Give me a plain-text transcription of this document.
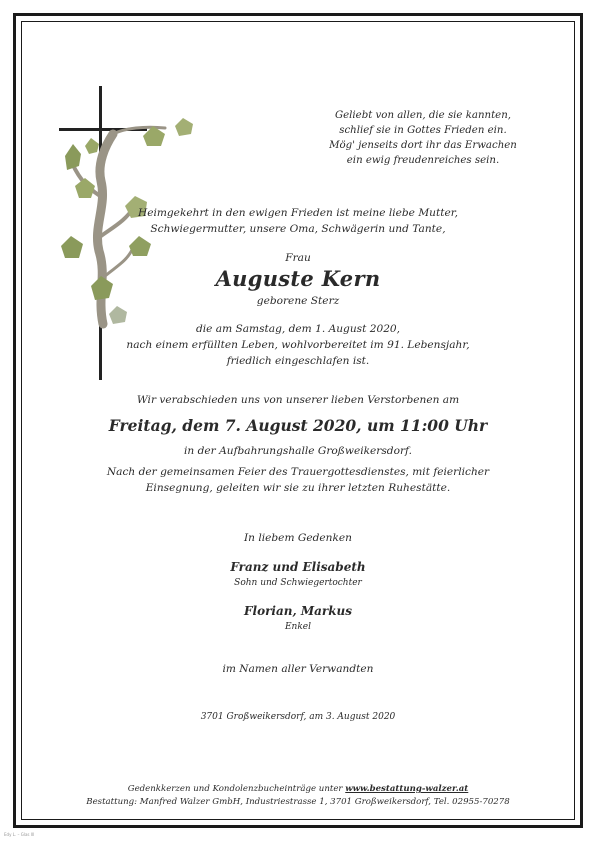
Geliebt von allen, die sie kannten,
schlief sie in Gottes Frieden ein.
Mög' jenseits dort ihr das Erwachen
ein ewig freudenreiches sein.
Heimgekehrt in den ewigen Frieden ist meine liebe Mutter,
Schwiegermutter, unsere Oma, Schwägerin und Tante,
Frau
Auguste Kern
geborene Sterz
die am Samstag, dem 1. August 2020,
nach einem erfüllten Leben, wohlvorbereitet im 91. Lebensjahr,
friedlich eingeschlafen ist.
Wir verabschieden uns von unserer lieben Verstorbenen am
Freitag, dem 7. August 2020, um 11:00 Uhr
in der Aufbahrungshalle Großweikersdorf.
Nach der gemeinsamen Feier des Trauergottesdienstes, mit feierlicher
Einsegnung, geleiten wir sie zu ihrer letzten Ruhestätte.
In liebem Gedenken
Franz und Elisabeth
Sohn und Schwiegertochter
Florian, Markus
Enkel
im Namen aller Verwandten
3701 Großweikersdorf, am 3. August 2020
Gedenkkerzen und Kondolenzbucheinträge unter www.bestattung-walzer.at
Bestattung: Manfred Walzer GmbH, Industriestrasse 1, 3701 Großweikersdorf, Tel. 02955-70278
Edy L. – Glas III
